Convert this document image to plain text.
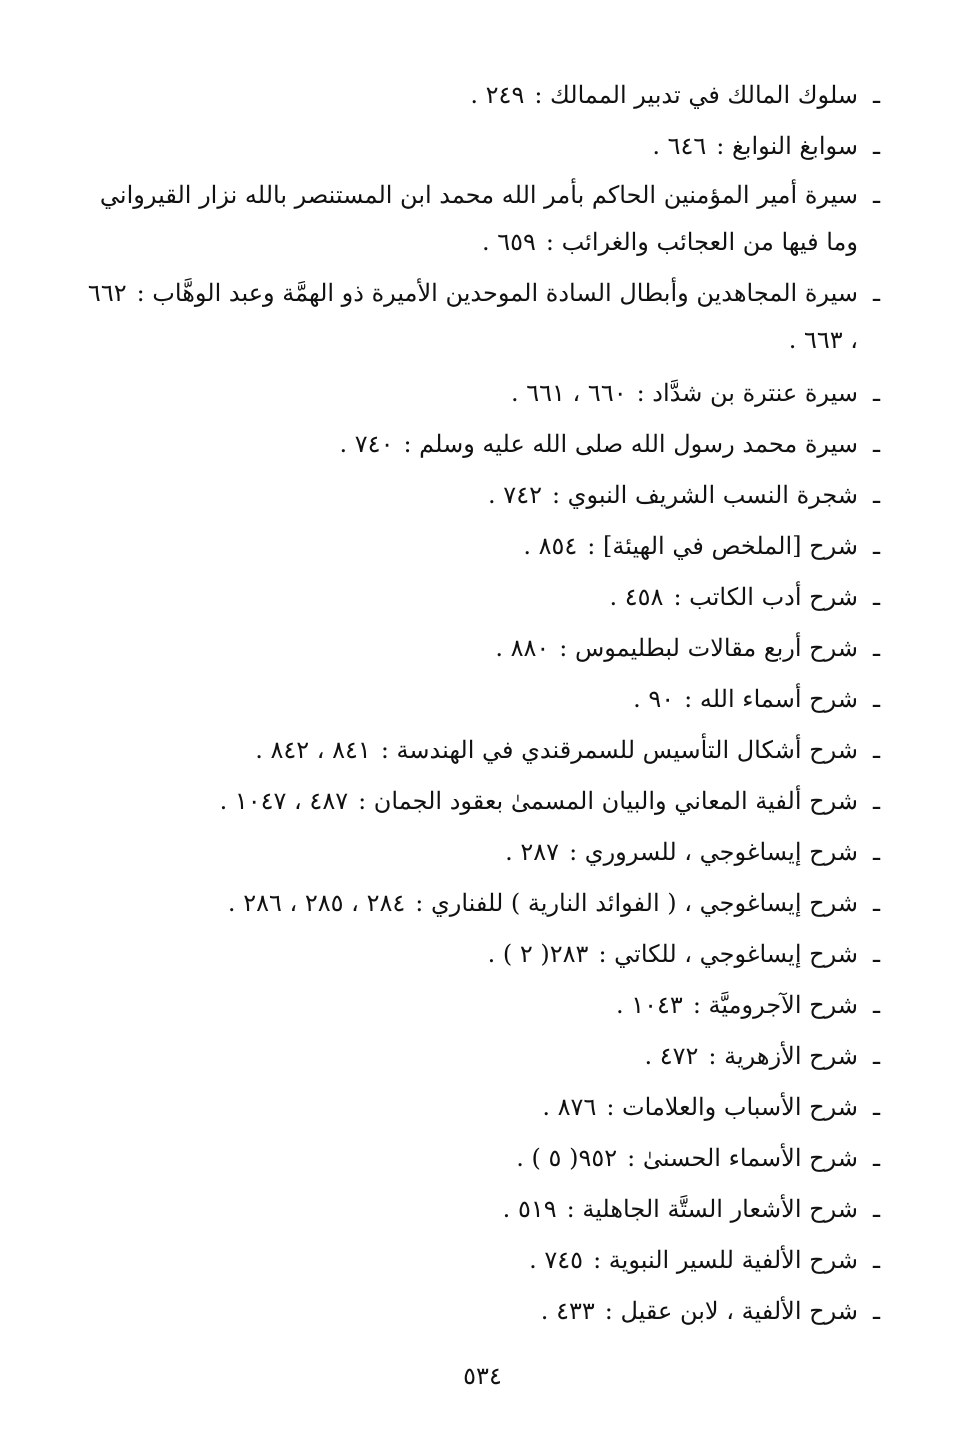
ـ
سلوك المالك في تدبير الممالك :٢٤٩ .
ـ
سوابغ النوابغ :٦٤٦ .
ـ
سيرة أمير المؤمنين الحاكم بأمر الله محمد ابن المستنصر بالله نزار القيرواني وما فيها من العجائب والغرائب :٦٥٩ .
ـ
سيرة المجاهدين وأبطال السادة الموحدين الأميرة ذو الهمَّة وعبد الوهَّاب :٦٦٢ ، ٦٦٣ .
ـ
سيرة عنترة بن شدَّاد :٦٦٠ ، ٦٦١ .
ـ
سيرة محمد رسول الله صلى الله عليه وسلم :٧٤٠ .
ـ
شجرة النسب الشريف النبوي :٧٤٢ .
ـ
شرح [الملخص في الهيئة] :٨٥٤ .
ـ
شرح أدب الكاتب :٤٥٨ .
ـ
شرح أربع مقالات لبطليموس :٨٨٠ .
ـ
شرح أسماء الله :٩٠ .
ـ
شرح أشكال التأسيس للسمرقندي في الهندسة :٨٤١ ، ٨٤٢ .
ـ
شرح ألفية المعاني والبيان المسمىٰ بعقود الجمان :٤٨٧ ، ١٠٤٧ .
ـ
شرح إيساغوجي ، للسروري :٢٨٧ .
ـ
شرح إيساغوجي ، ( الفوائد النارية ) للفناري :٢٨٤ ، ٢٨٥ ، ٢٨٦ .
ـ
شرح إيساغوجي ، للكاتي :٢٨٣( ٢ ) .
ـ
شرح الآجروميَّة :١٠٤٣ .
ـ
شرح الأزهرية :٤٧٢ .
ـ
شرح الأسباب والعلامات :٨٧٦ .
ـ
شرح الأسماء الحسنىٰ :٩٥٢( ٥ ) .
ـ
شرح الأشعار الستَّة الجاهلية :٥١٩ .
ـ
شرح الألفية للسير النبوية :٧٤٥ .
ـ
شرح الألفية ، لابن عقيل :٤٣٣ .
٥٣٤
